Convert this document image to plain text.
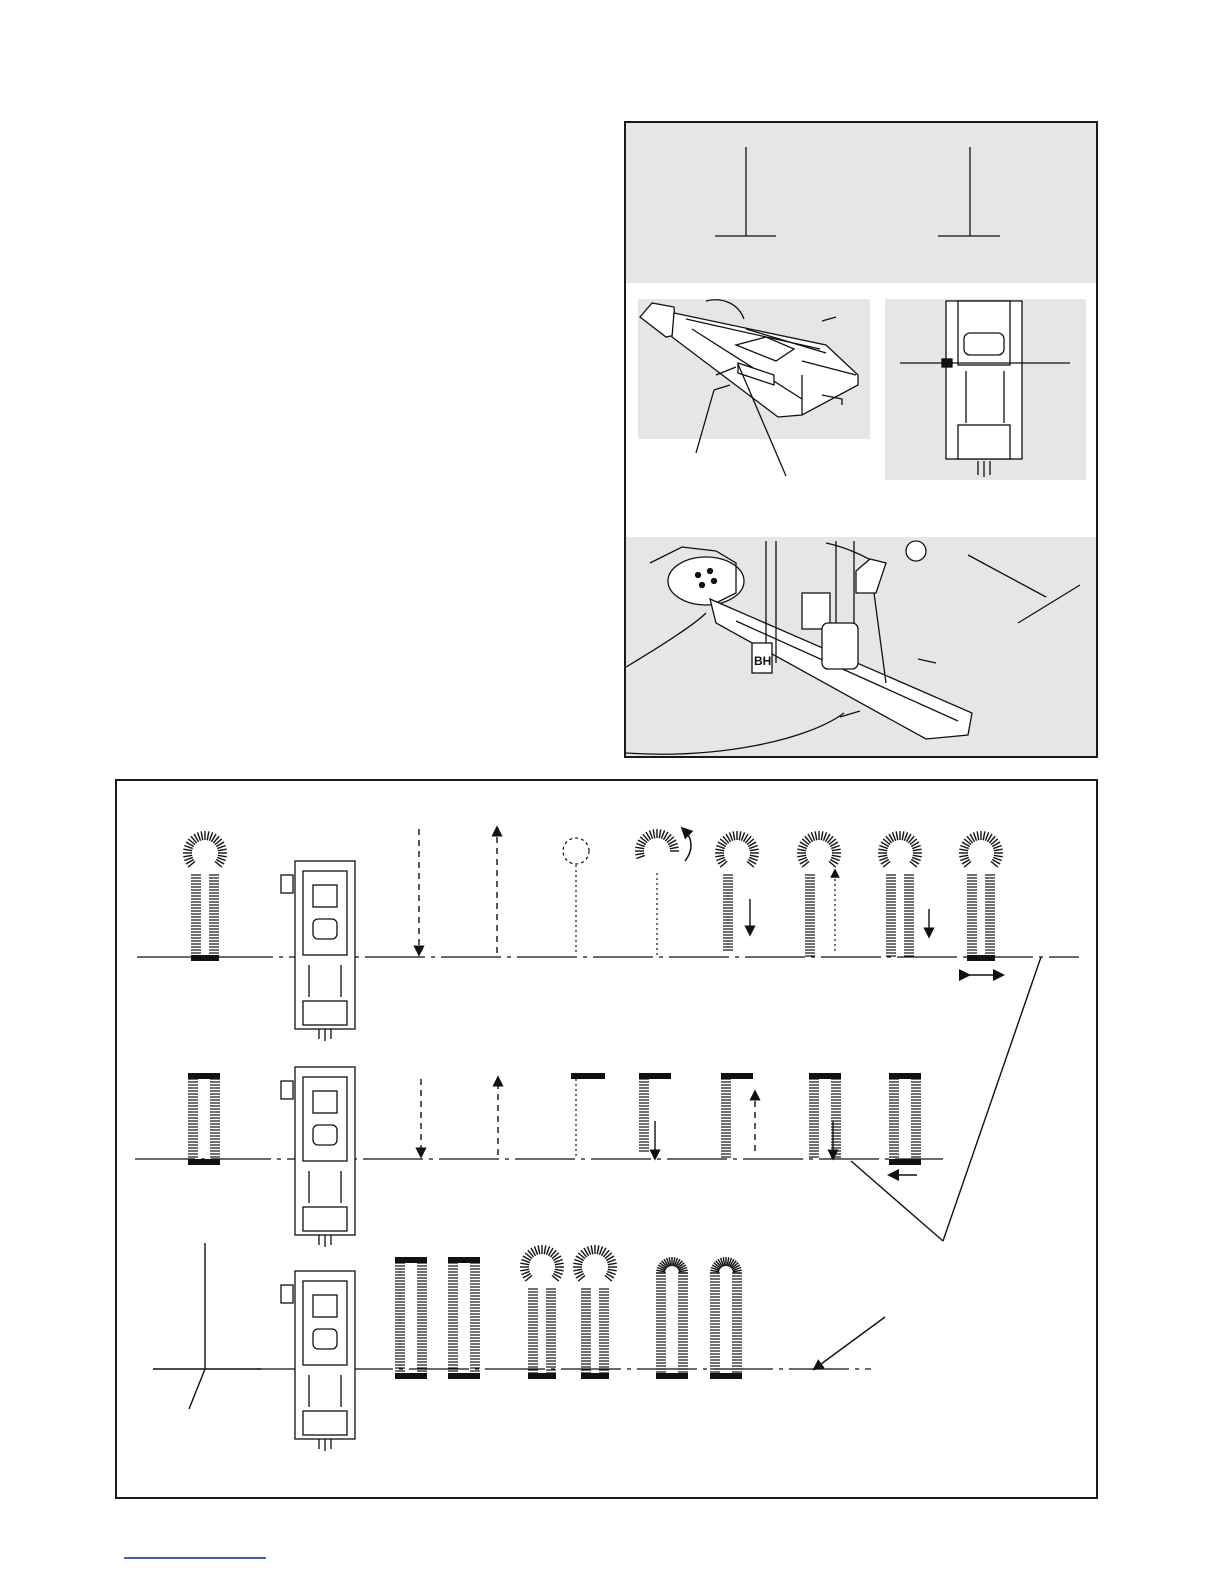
BH
